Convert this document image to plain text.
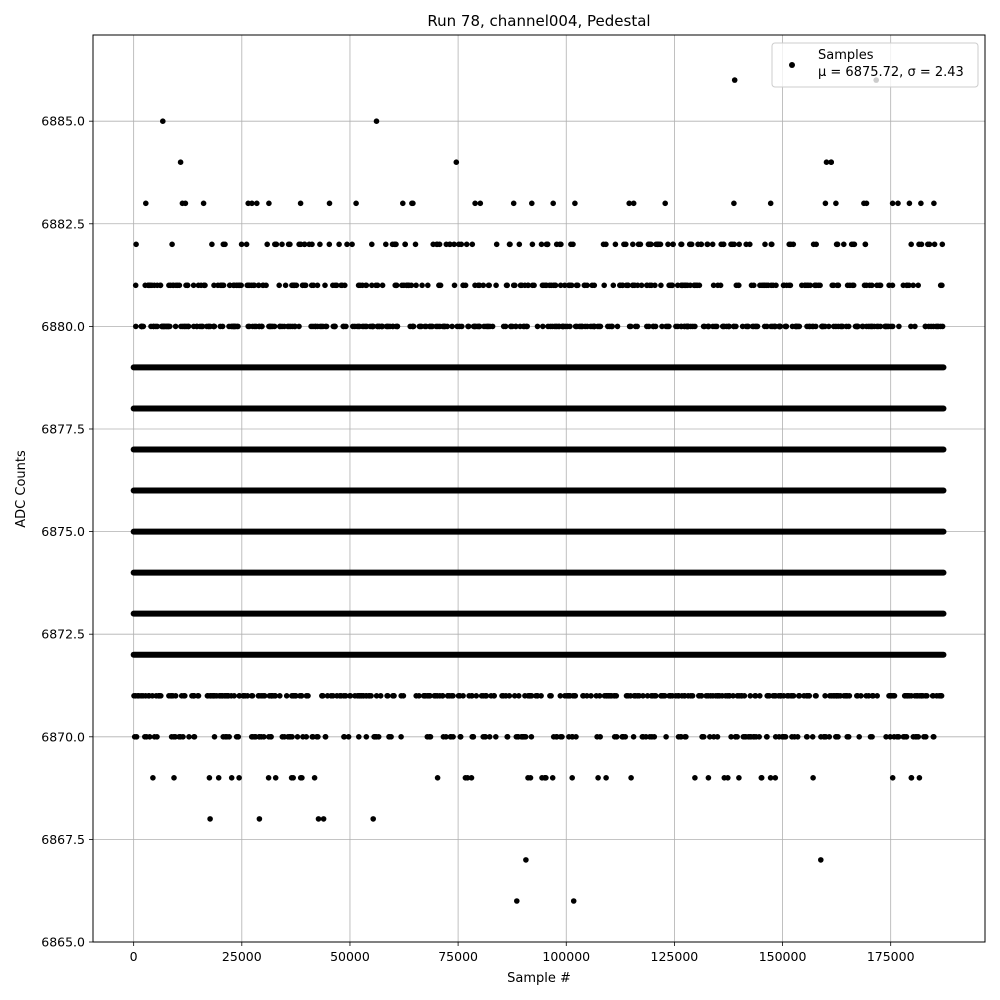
Run 78, channel004, Pedestal
0	25000	50000	75000	100000	125000	150000	175000
6865.0
6867.5
6870.0
6872.5
6875.0
6877.5
6880.0
6882.5
6885.0
Sample #
ADC Counts
Samples
μ = 6875.72, σ = 2.43
